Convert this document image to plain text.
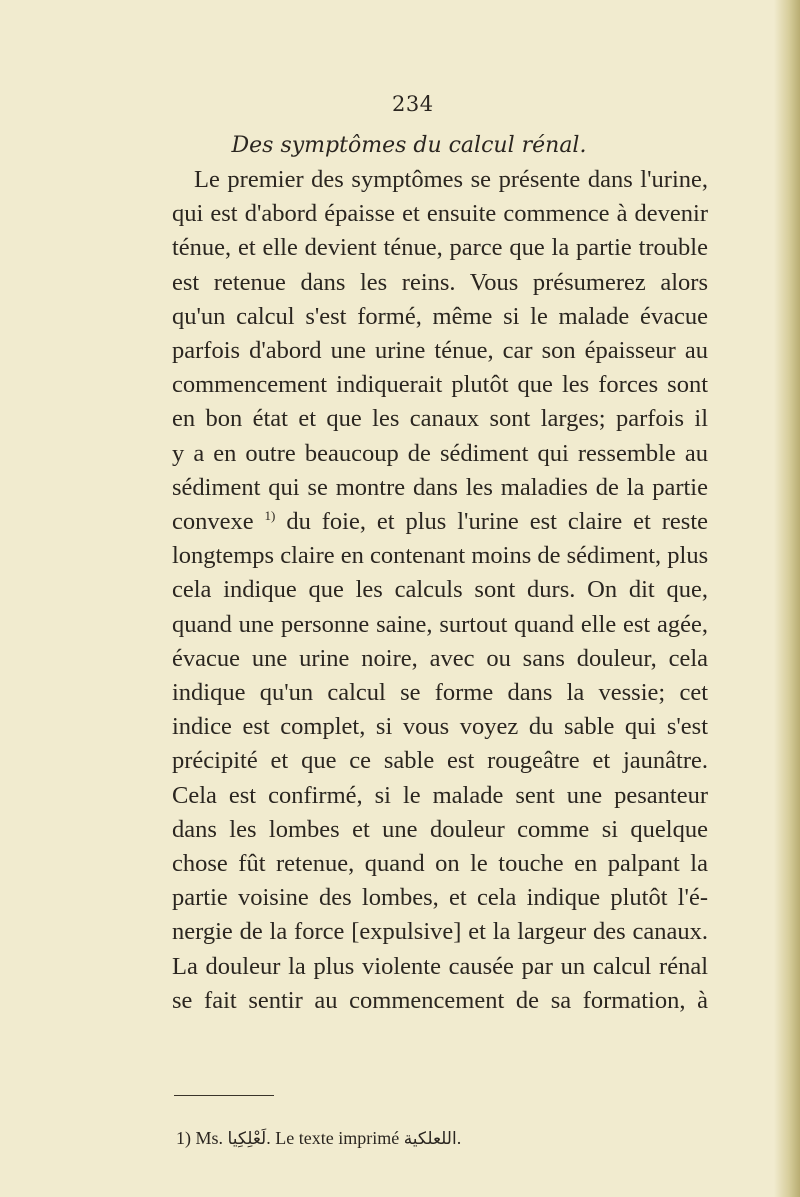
234
Des symptômes du calcul rénal.
Le premier des symptômes se présente dans l'urine,
qui est d'abord épaisse et ensuite commence à devenir
ténue, et elle devient ténue, parce que la partie trouble
est retenue dans les reins. Vous présumerez alors
qu'un calcul s'est formé, même si le malade évacue
parfois d'abord une urine ténue, car son épaisseur au
commencement indiquerait plutôt que les forces sont
en bon état et que les canaux sont larges; parfois il
y a en outre beaucoup de sédiment qui ressemble au
sédiment qui se montre dans les maladies de la partie
convexe $^{1)}$ du foie, et plus l'urine est claire et reste
longtemps claire en contenant moins de sédiment, plus
cela indique que les calculs sont durs. On dit que,
quand une personne saine, surtout quand elle est agée,
évacue une urine noire, avec ou sans douleur, cela
indique qu'un calcul se forme dans la vessie; cet
indice est complet, si vous voyez du sable qui s'est
précipité et que ce sable est rougeâtre et jaunâtre.
Cela est confirmé, si le malade sent une pesanteur
dans les lombes et une douleur comme si quelque
chose fût retenue, quand on le touche en palpant la
partie voisine des lombes, et cela indique plutôt l'é-
nergie de la force [expulsive] et la largeur des canaux.
La douleur la plus violente causée par un calcul rénal
se fait sentir au commencement de sa formation, à
1) Ms. لَعْلِكِيا. Le texte imprimé اللعلكية.
